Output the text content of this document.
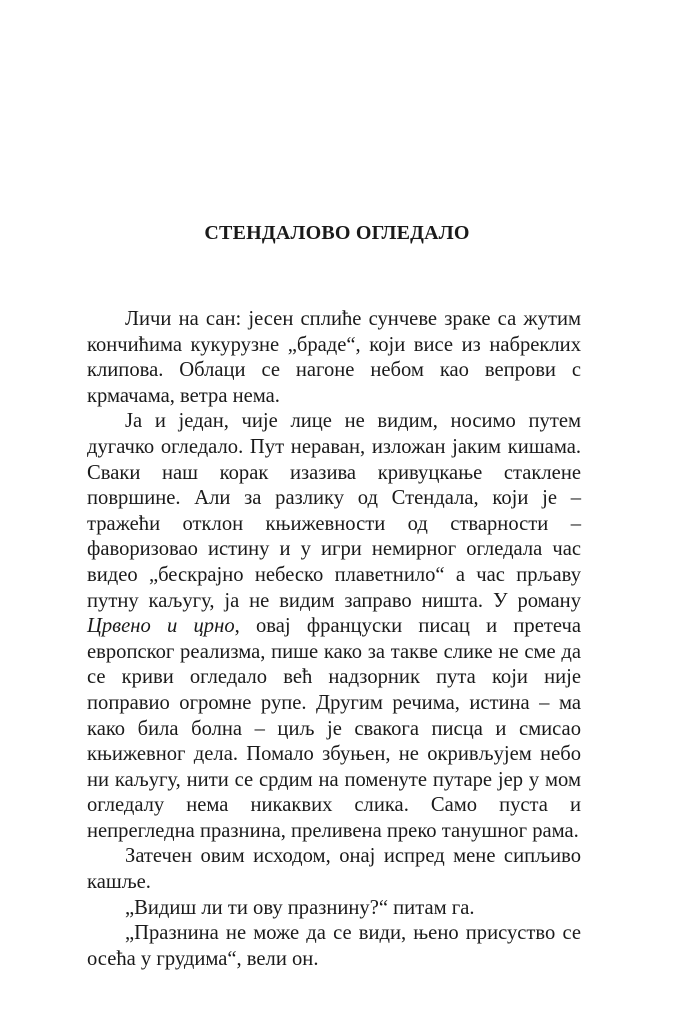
СТЕНДАЛОВО ОГЛЕДАЛО

Личи на сан: јесен сплиће сунчеве зраке са жутим кончићима кукурузне „браде“, који висе из набреклих клипова. Облаци се нагоне небом као вепрови с крмачама, ветра нема.

Ја и један, чије лице не видим, носимо путем дугачко огледало. Пут нераван, изложан јаким кишама. Сваки наш корак изазива кривуцкање стаклене површине. Али за разлику од Стендала, који је – тражећи отклон књижевности од стварности – фаворизовао истину и у игри немирног огледала час видео „бескрајно небеско плаветнило“ а час прљаву путну каљугу, ја не видим заправо ништа. У роману Црвено и црно, овај француски писац и претеча европског реализма, пише како за такве слике не сме да се криви огледало већ надзорник пута који није поправио огромне рупе. Другим речима, истина – ма како била болна – циљ је свакога писца и смисао књижевног дела. Помало збуњен, не окривљујем небо ни каљугу, нити се срдим на поменуте путаре јер у мом огледалу нема никаквих слика. Само пуста и непрегледна празнина, преливена преко танушног рама.

Затечен овим исходом, онај испред мене сипљиво кашље.

„Видиш ли ти ову празнину?“ питам га.

„Празнина не може да се види, њено присуство се осећа у грудима“, вели он.
